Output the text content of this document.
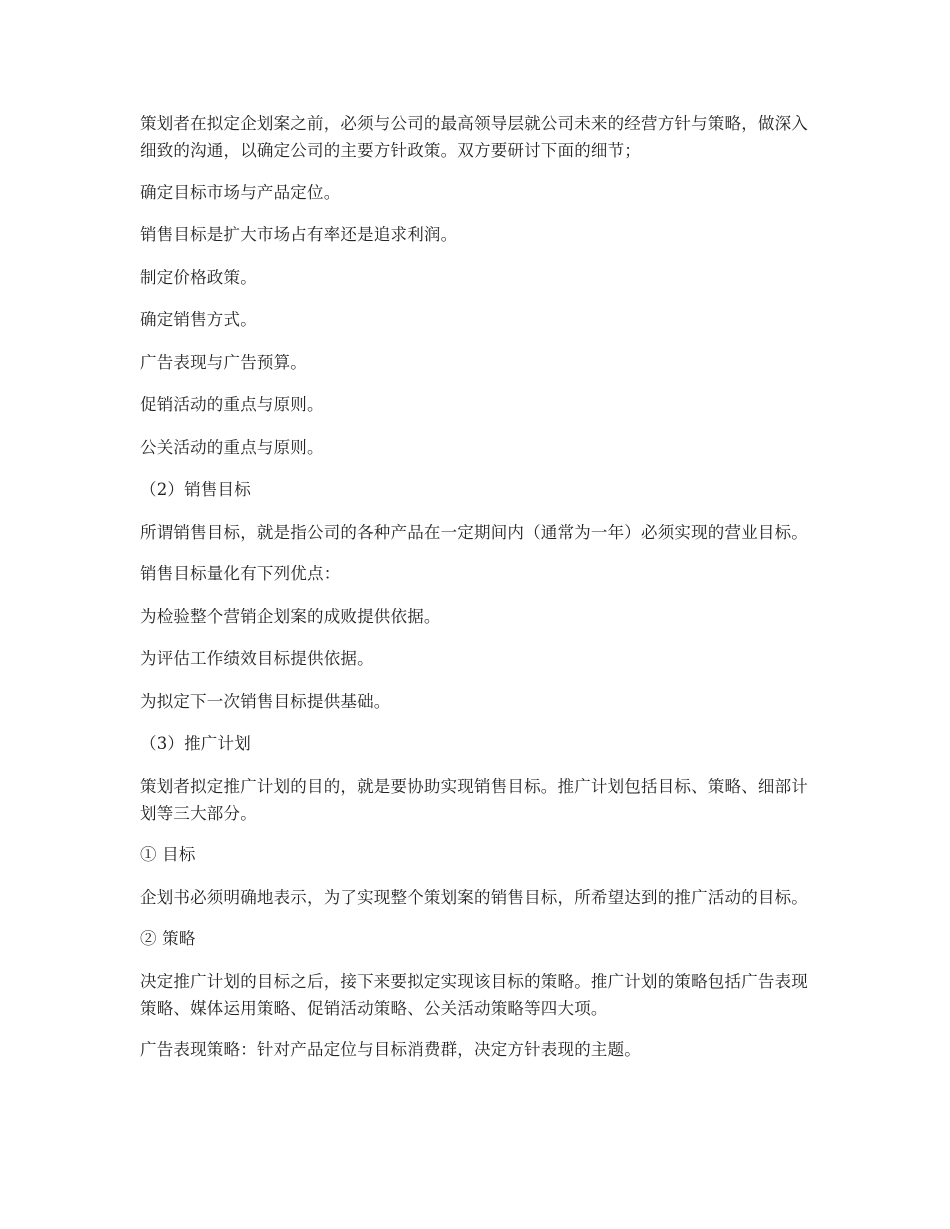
策划者在拟定企划案之前，必须与公司的最高领导层就公司未来的经营方针与策略，做深入细致的沟通，以确定公司的主要方针政策。双方要研讨下面的细节；

确定目标市场与产品定位。

销售目标是扩大市场占有率还是追求利润。

制定价格政策。

确定销售方式。

广告表现与广告预算。

促销活动的重点与原则。

公关活动的重点与原则。

（2）销售目标

所谓销售目标，就是指公司的各种产品在一定期间内（通常为一年）必须实现的营业目标。

销售目标量化有下列优点：

为检验整个营销企划案的成败提供依据。

为评估工作绩效目标提供依据。

为拟定下一次销售目标提供基础。

（3）推广计划

策划者拟定推广计划的目的，就是要协助实现销售目标。推广计划包括目标、策略、细部计划等三大部分。

① 目标

企划书必须明确地表示，为了实现整个策划案的销售目标，所希望达到的推广活动的目标。

② 策略

决定推广计划的目标之后，接下来要拟定实现该目标的策略。推广计划的策略包括广告表现策略、媒体运用策略、促销活动策略、公关活动策略等四大项。

广告表现策略：针对产品定位与目标消费群，决定方针表现的主题。
